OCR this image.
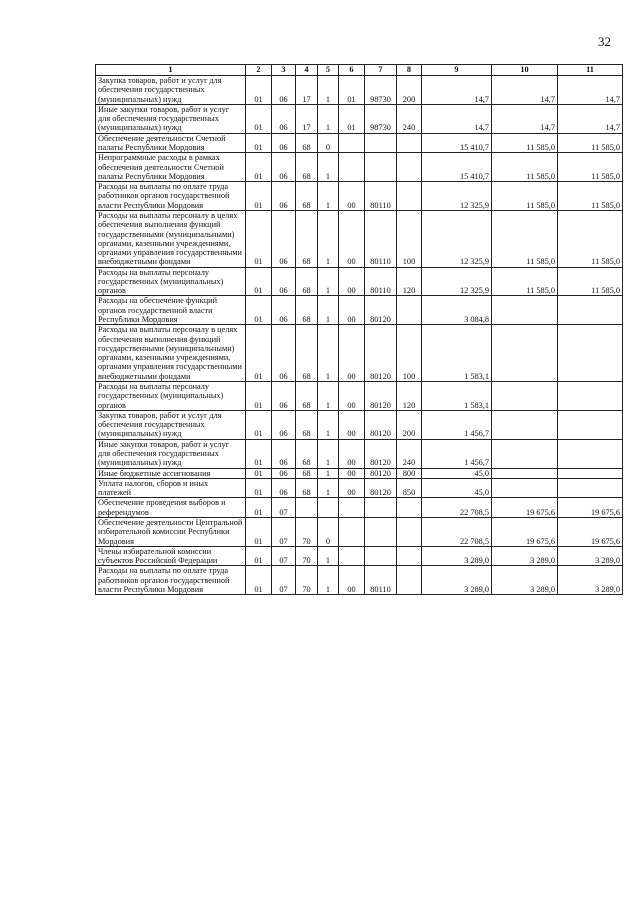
32
1	2	3	4	5	6	7	8	9	10	11
Закупка товаров, работ и услуг для обеспечения государственных (муниципальных) нужд	01	06	17	1	01	98730	200	14,7	14,7	14,7
Иные закупки товаров, работ и услуг для обеспечения государственных (муниципальных) нужд	01	06	17	1	01	98730	240	14,7	14,7	14,7
Обеспечение деятельности Счетной палаты Республики Мордовия	01	06	68	0				15 410,7	11 585,0	11 585,0
Непрограммные расходы в рамках обеспечения деятельности Счетной палаты Республики Мордовия	01	06	68	1				15 410,7	11 585,0	11 585,0
Расходы на выплаты по оплате труда работников органов государственной власти Республики Мордовия	01	06	68	1	00	80110		12 325,9	11 585,0	11 585,0
Расходы на выплаты персоналу в целях обеспечения выполнения функций государственными (муниципальными) органами, казенными учреждениями, органами управления государственными внебюджетными фондами	01	06	68	1	00	80110	100	12 325,9	11 585,0	11 585,0
Расходы на выплаты персоналу государственных (муниципальных) органов	01	06	68	1	00	80110	120	12 325,9	11 585,0	11 585,0
Расходы на обеспечение функций органов государственной власти Республики Мордовия	01	06	68	1	00	80120		3 084,8		
Расходы на выплаты персоналу в целях обеспечения выполнения функций государственными (муниципальными) органами, казенными учреждениями, органами управления государственными внебюджетными фондами	01	06	68	1	00	80120	100	1 583,1		
Расходы на выплаты персоналу государственных (муниципальных) органов	01	06	68	1	00	80120	120	1 583,1		
Закупка товаров, работ и услуг для обеспечения государственных (муниципальных) нужд	01	06	68	1	00	80120	200	1 456,7		
Иные закупки товаров, работ и услуг для обеспечения государственных (муниципальных) нужд	01	06	68	1	00	80120	240	1 456,7		
Иные бюджетные ассигнования	01	06	68	1	00	80120	800	45,0		
Уплата налогов, сборов и иных платежей	01	06	68	1	00	80120	850	45,0		
Обеспечение проведения выборов и референдумов	01	07						22 708,5	19 675,6	19 675,6
Обеспечение деятельности Центральной избирательной комиссии Республики Мордовия	01	07	70	0				22 708,5	19 675,6	19 675,6
Члены избирательной комиссии субъектов Российской Федерации	01	07	70	1				3 289,0	3 289,0	3 289,0
Расходы на выплаты по оплате труда работников органов государственной власти Республики Мордовия	01	07	70	1	00	80110		3 289,0	3 289,0	3 289,0
